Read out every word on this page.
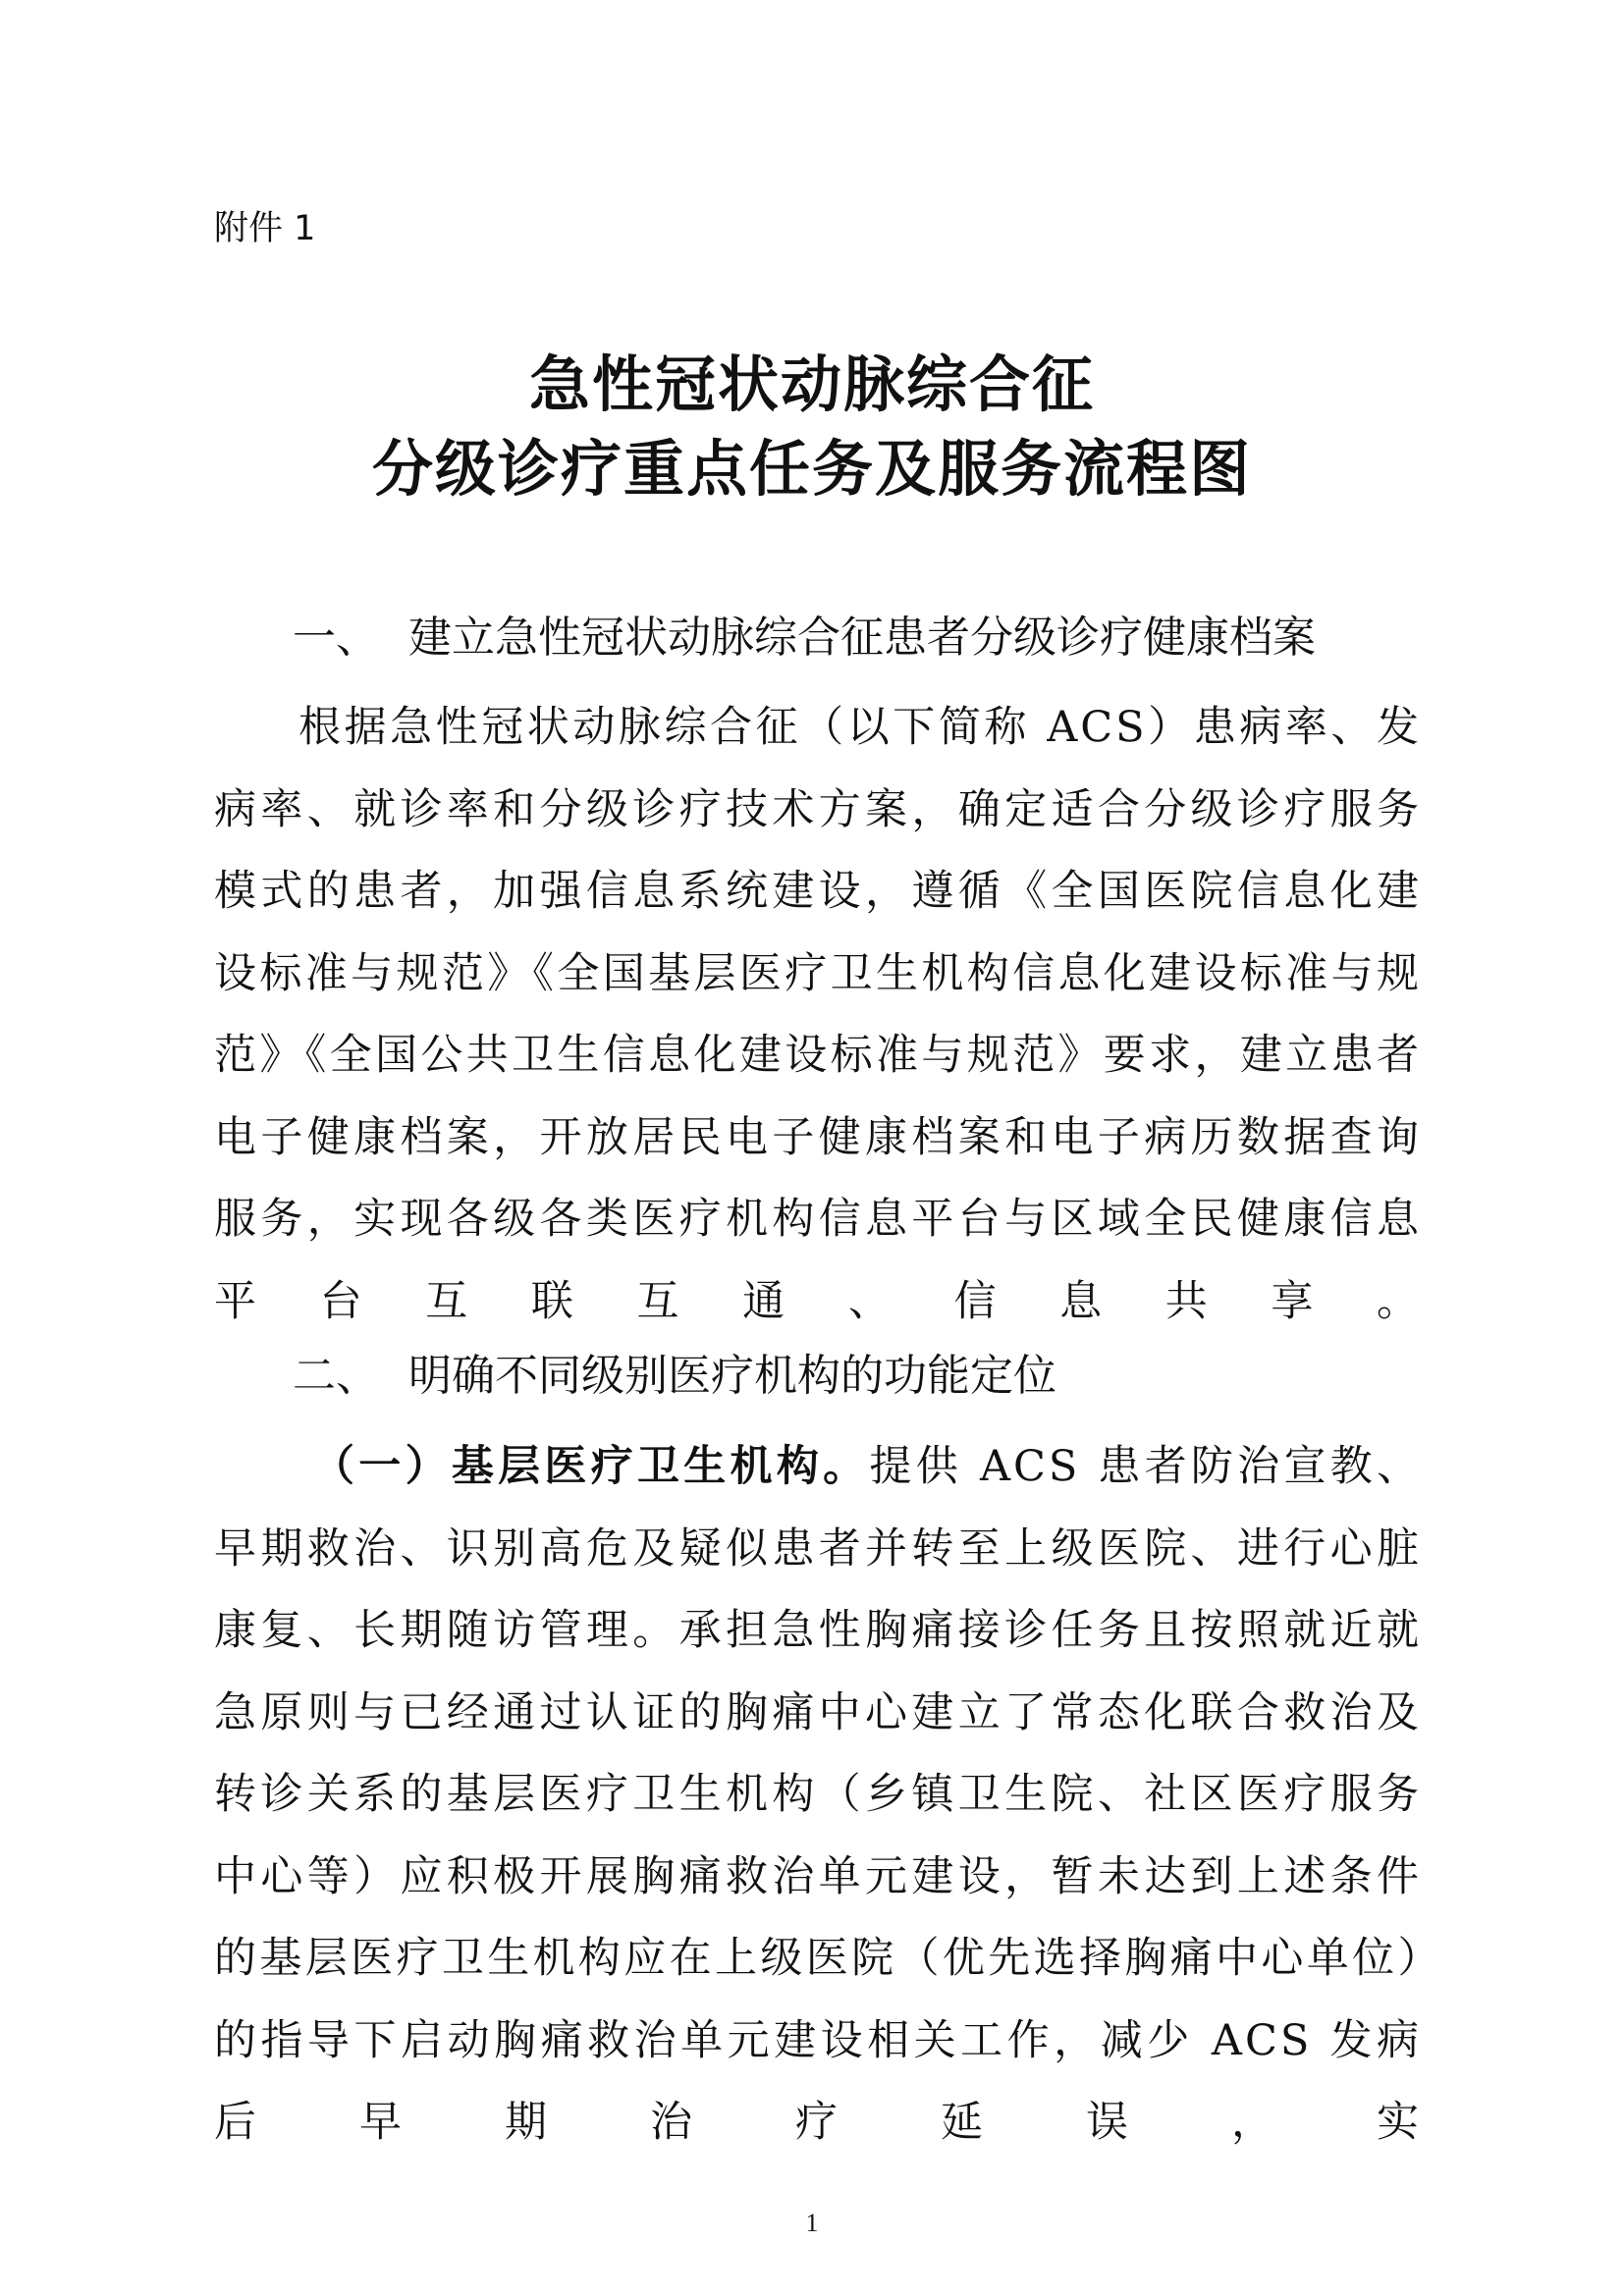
附件 1
急性冠状动脉综合征
分级诊疗重点任务及服务流程图
一、 建立急性冠状动脉综合征患者分级诊疗健康档案
根据急性冠状动脉综合征（以下简称 ACS）患病率、发病率、就诊率和分级诊疗技术方案，确定适合分级诊疗服务模式的患者，加强信息系统建设，遵循《全国医院信息化建设标准与规范》《全国基层医疗卫生机构信息化建设标准与规范》《全国公共卫生信息化建设标准与规范》要求，建立患者电子健康档案，开放居民电子健康档案和电子病历数据查询服务，实现各级各类医疗机构信息平台与区域全民健康信息平台互联互通、信息共享。
二、 明确不同级别医疗机构的功能定位
（一）基层医疗卫生机构。提供 ACS 患者防治宣教、早期救治、识别高危及疑似患者并转至上级医院、进行心脏康复、长期随访管理。承担急性胸痛接诊任务且按照就近就急原则与已经通过认证的胸痛中心建立了常态化联合救治及转诊关系的基层医疗卫生机构（乡镇卫生院、社区医疗服务中心等）应积极开展胸痛救治单元建设，暂未达到上述条件的基层医疗卫生机构应在上级医院（优先选择胸痛中心单位）的指导下启动胸痛救治单元建设相关工作，减少 ACS 发病后早期治疗延误，实
1
